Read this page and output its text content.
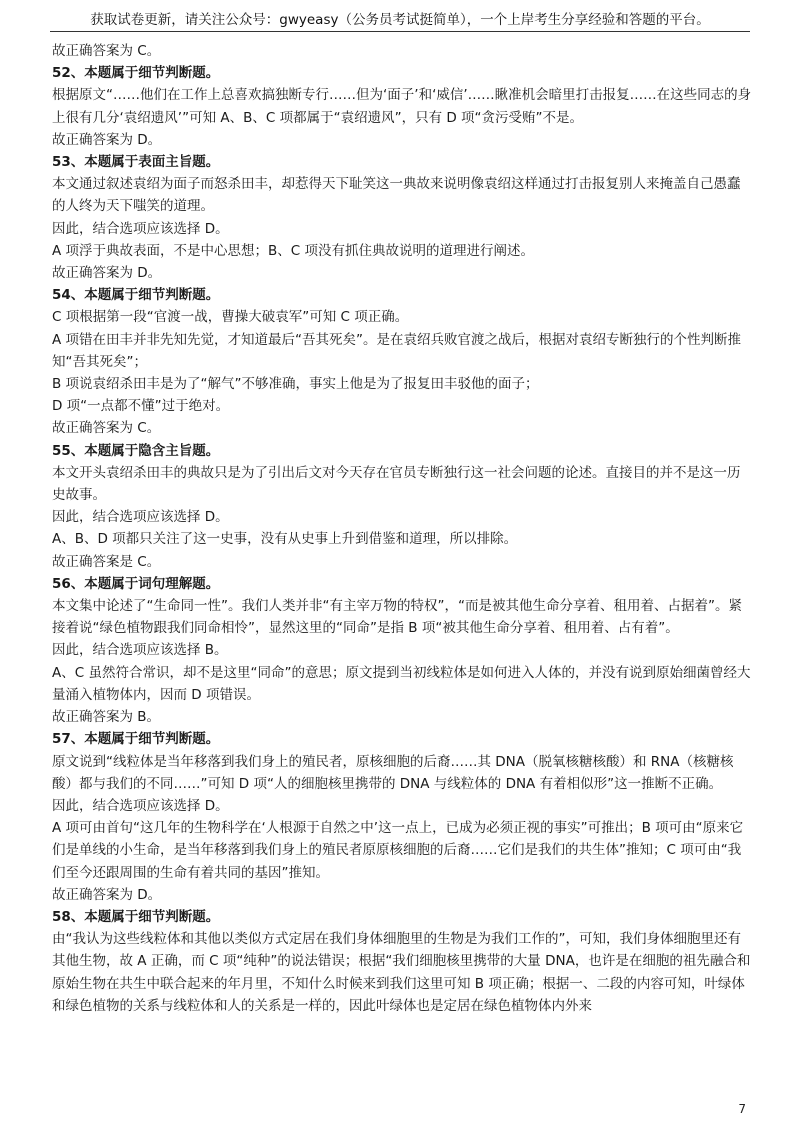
获取试卷更新，请关注公众号：gwyeasy（公务员考试挺简单），一个上岸考生分享经验和答题的平台。

故正确答案为 C。

52、本题属于细节判断题。

根据原文“……他们在工作上总喜欢搞独断专行……但为‘面子’和‘威信’……瞅准机会暗里打击报复……在这些同志的身上很有几分‘袁绍遗风’”可知 A、B、C 项都属于“袁绍遗风”，只有 D 项“贪污受贿”不是。

故正确答案为 D。

53、本题属于表面主旨题。

本文通过叙述袁绍为面子而怒杀田丰，却惹得天下耻笑这一典故来说明像袁绍这样通过打击报复别人来掩盖自己愚蠢的人终为天下嗤笑的道理。

因此，结合选项应该选择 D。

A 项浮于典故表面，不是中心思想；B、C 项没有抓住典故说明的道理进行阐述。

故正确答案为 D。

54、本题属于细节判断题。

C 项根据第一段“官渡一战，曹操大破袁军”可知 C 项正确。

A 项错在田丰并非先知先觉，才知道最后“吾其死矣”。是在袁绍兵败官渡之战后，根据对袁绍专断独行的个性判断推知“吾其死矣”；

B 项说袁绍杀田丰是为了“解气”不够准确，事实上他是为了报复田丰驳他的面子；

D 项“一点都不懂”过于绝对。

故正确答案为 C。

55、本题属于隐含主旨题。

本文开头袁绍杀田丰的典故只是为了引出后文对今天存在官员专断独行这一社会问题的论述。直接目的并不是这一历史故事。

因此，结合选项应该选择 D。

A、B、D 项都只关注了这一史事，没有从史事上升到借鉴和道理，所以排除。

故正确答案是 C。

56、本题属于词句理解题。

本文集中论述了“生命同一性”。我们人类并非“有主宰万物的特权”，“而是被其他生命分享着、租用着、占据着”。紧接着说“绿色植物跟我们同命相怜”，显然这里的“同命”是指 B 项“被其他生命分享着、租用着、占有着”。

因此，结合选项应该选择 B。

A、C 虽然符合常识，却不是这里“同命”的意思；原文提到当初线粒体是如何进入人体的，并没有说到原始细菌曾经大量涌入植物体内，因而 D 项错误。

故正确答案为 B。

57、本题属于细节判断题。

原文说到“线粒体是当年移落到我们身上的殖民者，原核细胞的后裔……其 DNA（脱氧核糖核酸）和 RNA（核糖核酸）都与我们的不同……”可知 D 项“人的细胞核里携带的 DNA 与线粒体的 DNA 有着相似形”这一推断不正确。

因此，结合选项应该选择 D。

A 项可由首句“这几年的生物科学在‘人根源于自然之中’这一点上，已成为必须正视的事实”可推出；B 项可由“原来它们是单线的小生命，是当年移落到我们身上的殖民者原原核细胞的后裔……它们是我们的共生体”推知；C 项可由“我们至今还跟周围的生命有着共同的基因”推知。

故正确答案为 D。

58、本题属于细节判断题。

由“我认为这些线粒体和其他以类似方式定居在我们身体细胞里的生物是为我们工作的”，可知，我们身体细胞里还有其他生物，故 A 正确，而 C 项“纯种”的说法错误；根据“我们细胞核里携带的大量 DNA，也许是在细胞的祖先融合和原始生物在共生中联合起来的年月里，不知什么时候来到我们这里可知 B 项正确；根据一、二段的内容可知，叶绿体和绿色植物的关系与线粒体和人的关系是一样的，因此叶绿体也是定居在绿色植物体内外来

7
